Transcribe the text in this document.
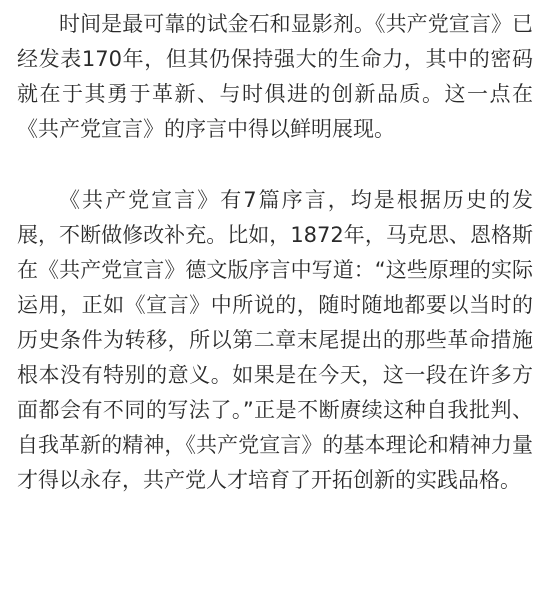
时间是最可靠的试金石和显影剂。《共产党宣言》已经发表170年，但其仍保持强大的生命力，其中的密码就在于其勇于革新、与时俱进的创新品质。这一点在《共产党宣言》的序言中得以鲜明展现。

《共产党宣言》有7篇序言，均是根据历史的发展，不断做修改补充。比如，1872年，马克思、恩格斯在《共产党宣言》德文版序言中写道：“这些原理的实际运用，正如《宣言》中所说的，随时随地都要以当时的历史条件为转移，所以第二章末尾提出的那些革命措施根本没有特别的意义。如果是在今天，这一段在许多方面都会有不同的写法了。”正是不断赓续这种自我批判、自我革新的精神，《共产党宣言》的基本理论和精神力量才得以永存，共产党人才培育了开拓创新的实践品格。
